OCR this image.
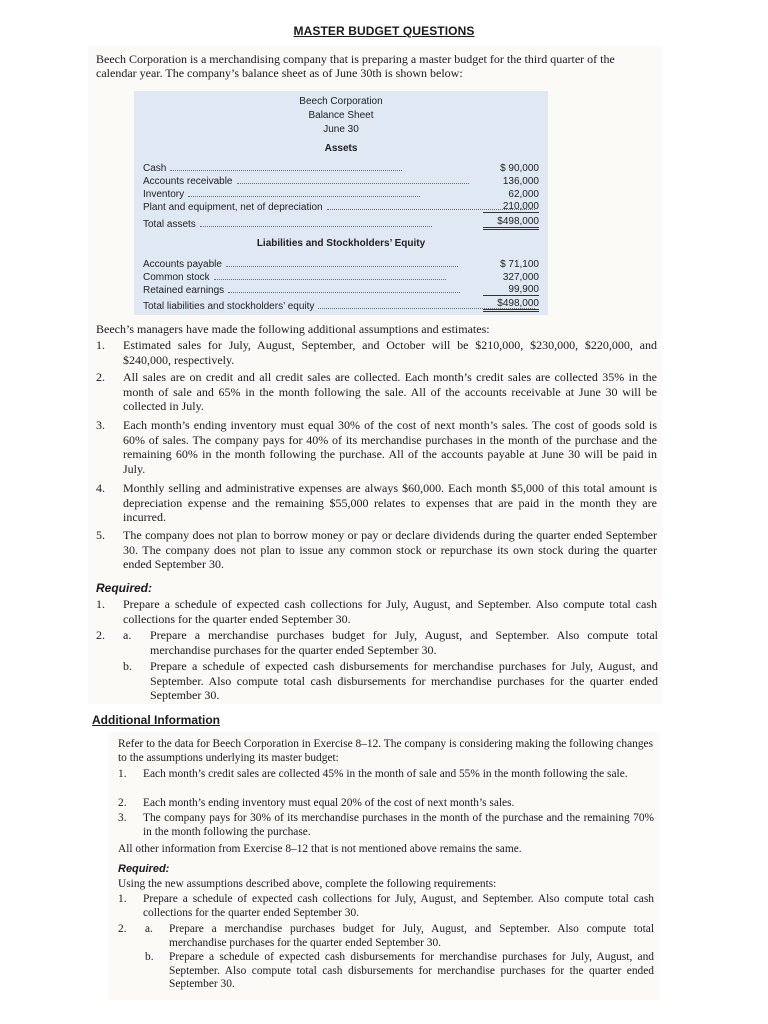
MASTER BUDGET QUESTIONS

Beech Corporation is a merchandising company that is preparing a master budget for the third quarter of the calendar year. The company’s balance sheet as of June 30th is shown below:

Beech Corporation
Balance Sheet
June 30
Assets
Cash	$ 90,000
Accounts receivable	136,000
Inventory	62,000
Plant and equipment, net of depreciation	210,000
Total assets	$498,000
Liabilities and Stockholders’ Equity
Accounts payable	$ 71,100
Common stock	327,000
Retained earnings	99,900
Total liabilities and stockholders’ equity	$498,000
Beech’s managers have made the following additional assumptions and estimates:
1. Estimated sales for July, August, September, and October will be $210,000, $230,000, $220,000, and $240,000, respectively.
2. All sales are on credit and all credit sales are collected. Each month’s credit sales are collected 35% in the month of sale and 65% in the month following the sale. All of the accounts receivable at June 30 will be collected in July.
3. Each month’s ending inventory must equal 30% of the cost of next month’s sales. The cost of goods sold is 60% of sales. The company pays for 40% of its merchandise purchases in the month of the purchase and the remaining 60% in the month following the purchase. All of the accounts payable at June 30 will be paid in July.
4. Monthly selling and administrative expenses are always $60,000. Each month $5,000 of this total amount is depreciation expense and the remaining $55,000 relates to expenses that are paid in the month they are incurred.
5. The company does not plan to borrow money or pay or declare dividends during the quarter ended September 30. The company does not plan to issue any common stock or repurchase its own stock during the quarter ended September 30.
Required:
1. Prepare a schedule of expected cash collections for July, August, and September. Also compute total cash collections for the quarter ended September 30.
2. a. Prepare a merchandise purchases budget for July, August, and September. Also compute total merchandise purchases for the quarter ended September 30.
b. Prepare a schedule of expected cash disbursements for merchandise purchases for July, August, and September. Also compute total cash disbursements for merchandise purchases for the quarter ended September 30.
Additional Information
Refer to the data for Beech Corporation in Exercise 8–12. The company is considering making the following changes to the assumptions underlying its master budget:
1. Each month’s credit sales are collected 45% in the month of sale and 55% in the month following the sale.
2. Each month’s ending inventory must equal 20% of the cost of next month’s sales.
3. The company pays for 30% of its merchandise purchases in the month of the purchase and the remaining 70% in the month following the purchase.
All other information from Exercise 8–12 that is not mentioned above remains the same.
Required:
Using the new assumptions described above, complete the following requirements:
1. Prepare a schedule of expected cash collections for July, August, and September. Also compute total cash collections for the quarter ended September 30.
2. a. Prepare a merchandise purchases budget for July, August, and September. Also compute total merchandise purchases for the quarter ended September 30.
b. Prepare a schedule of expected cash disbursements for merchandise purchases for July, August, and September. Also compute total cash disbursements for merchandise purchases for the quarter ended September 30.
